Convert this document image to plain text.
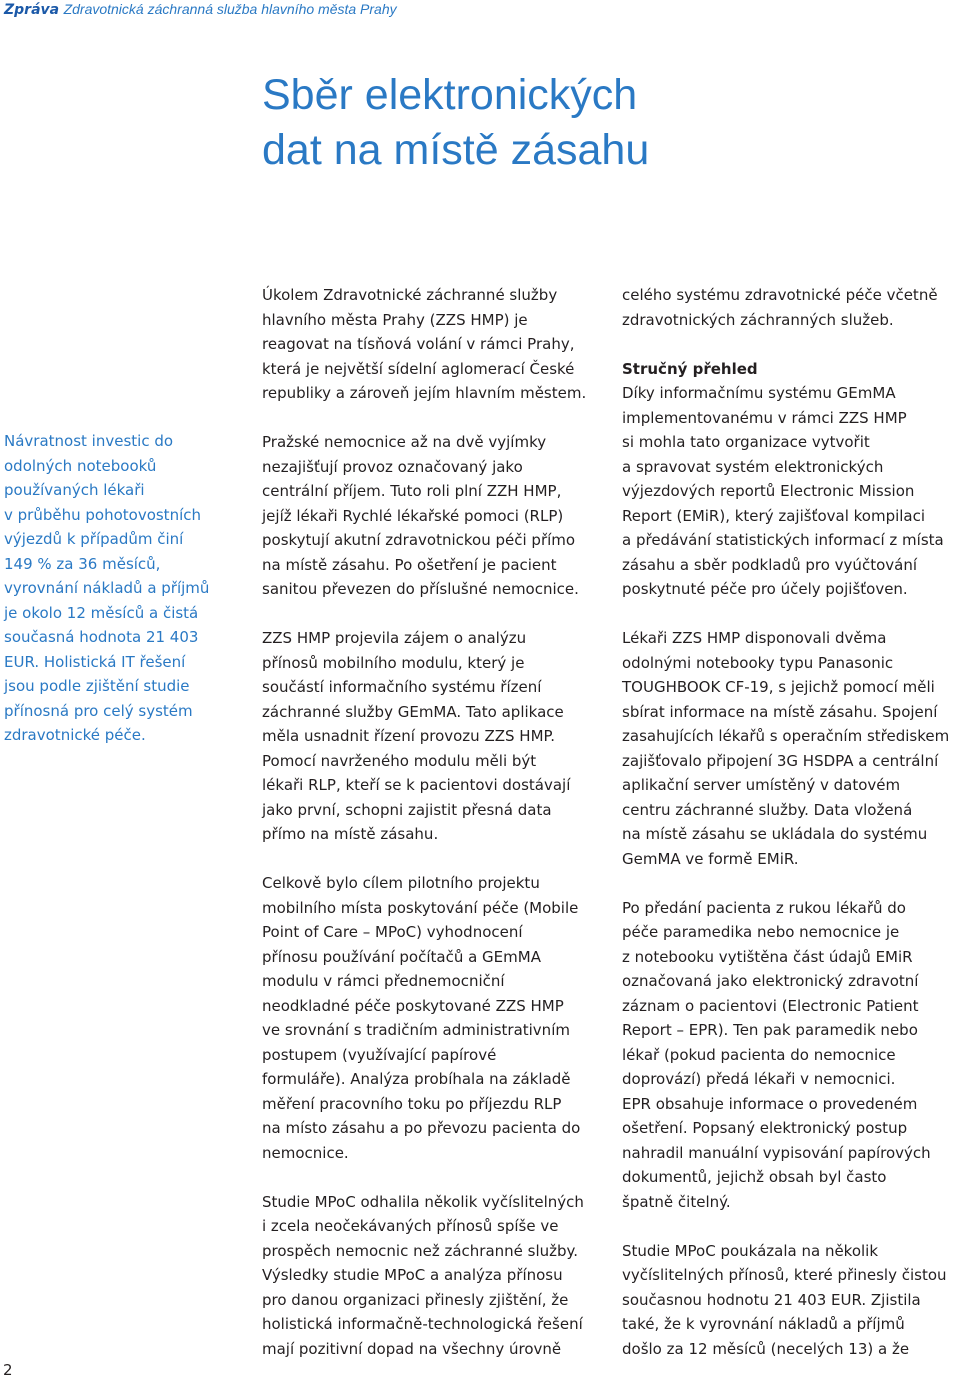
Zpráva Zdravotnická záchranná služba hlavního města Prahy
Sběr elektronických
dat na místě zásahu
Návratnost investic do
odolných notebooků
používaných lékaři
v průběhu pohotovostních
výjezdů k případům činí
149 % za 36 měsíců,
vyrovnání nákladů a příjmů
je okolo 12 měsíců a čistá
současná hodnota 21 403
EUR. Holistická IT řešení
jsou podle zjištění studie
přínosná pro celý systém
zdravotnické péče.
Úkolem Zdravotnické záchranné služby
hlavního města Prahy (ZZS HMP) je
reagovat na tísňová volání v rámci Prahy,
která je největší sídelní aglomerací České
republiky a zároveň jejím hlavním městem.
Pražské nemocnice až na dvě vyjímky
nezajišťují provoz označovaný jako
centrální příjem. Tuto roli plní ZZH HMP,
jejíž lékaři Rychlé lékařské pomoci (RLP)
poskytují akutní zdravotnickou péči přímo
na místě zásahu. Po ošetření je pacient
sanitou převezen do příslušné nemocnice.
ZZS HMP projevila zájem o analýzu
přínosů mobilního modulu, který je
součástí informačního systému řízení
záchranné služby GEmMA. Tato aplikace
měla usnadnit řízení provozu ZZS HMP.
Pomocí navrženého modulu měli být
lékaři RLP, kteří se k pacientovi dostávají
jako první, schopni zajistit přesná data
přímo na místě zásahu.
Celkově bylo cílem pilotního projektu
mobilního místa poskytování péče (Mobile
Point of Care – MPoC) vyhodnocení
přínosu používání počítačů a GEmMA
modulu v rámci přednemocniční
neodkladné péče poskytované ZZS HMP
ve srovnání s tradičním administrativním
postupem (využívající papírové
formuláře). Analýza probíhala na základě
měření pracovního toku po příjezdu RLP
na místo zásahu a po převozu pacienta do
nemocnice.
Studie MPoC odhalila několik vyčíslitelných
i zcela neočekávaných přínosů spíše ve
prospěch nemocnic než záchranné služby.
Výsledky studie MPoC a analýza přínosu
pro danou organizaci přinesly zjištění, že
holistická informačně-technologická řešení
mají pozitivní dopad na všechny úrovně
celého systému zdravotnické péče včetně
zdravotnických záchranných služeb.
Stručný přehled
Díky informačnímu systému GEmMA
implementovanému v rámci ZZS HMP
si mohla tato organizace vytvořit
a spravovat systém elektronických
výjezdových reportů Electronic Mission
Report (EMiR), který zajišťoval kompilaci
a předávání statistických informací z místa
zásahu a sběr podkladů pro vyúčtování
poskytnuté péče pro účely pojišťoven.
Lékaři ZZS HMP disponovali dvěma
odolnými notebooky typu Panasonic
TOUGHBOOK CF-19, s jejichž pomocí měli
sbírat informace na místě zásahu. Spojení
zasahujících lékařů s operačním střediskem
zajišťovalo připojení 3G HSDPA a centrální
aplikační server umístěný v datovém
centru záchranné služby. Data vložená
na místě zásahu se ukládala do systému
GemMA ve formě EMiR.
Po předání pacienta z rukou lékařů do
péče paramedika nebo nemocnice je
z notebooku vytištěna část údajů EMiR
označovaná jako elektronický zdravotní
záznam o pacientovi (Electronic Patient
Report – EPR). Ten pak paramedik nebo
lékař (pokud pacienta do nemocnice
doprovází) předá lékaři v nemocnici.
EPR obsahuje informace o provedeném
ošetření. Popsaný elektronický postup
nahradil manuální vypisování papírových
dokumentů, jejichž obsah byl často
špatně čitelný.
Studie MPoC poukázala na několik
vyčíslitelných přínosů, které přinesly čistou
současnou hodnotu 21 403 EUR. Zjistila
také, že k vyrovnání nákladů a příjmů
došlo za 12 měsíců (necelých 13) a že
2
